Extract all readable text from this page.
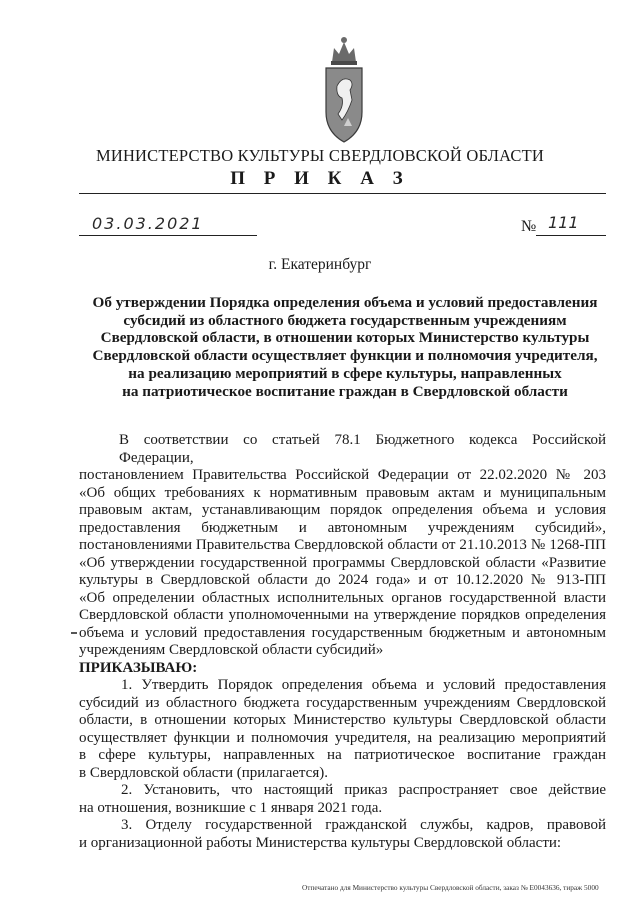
МИНИСТЕРСТВО КУЛЬТУРЫ СВЕРДЛОВСКОЙ ОБЛАСТИ
П Р И К А З
03.03.2021	№ 111
г. Екатеринбург
Об утверждении Порядка определения объема и условий предоставления
субсидий из областного бюджета государственным учреждениям
Свердловской области, в отношении которых Министерство культуры
Свердловской области осуществляет функции и полномочия учредителя,
на реализацию мероприятий в сфере культуры, направленных
на патриотическое воспитание граждан в Свердловской области
В соответствии со статьей 78.1 Бюджетного кодекса Российской Федерации,
постановлением Правительства Российской Федерации от 22.02.2020 № 203
«Об общих требованиях к нормативным правовым актам и муниципальным
правовым актам, устанавливающим порядок определения объема и условия
предоставления бюджетным и автономным учреждениям субсидий»,
постановлениями Правительства Свердловской области от 21.10.2013 № 1268-ПП
«Об утверждении государственной программы Свердловской области «Развитие
культуры в Свердловской области до 2024 года» и от 10.12.2020 № 913-ПП
«Об определении областных исполнительных органов государственной власти
Свердловской области уполномоченными на утверждение порядков определения
объема и условий предоставления государственным бюджетным и автономным
учреждениям Свердловской области субсидий»
ПРИКАЗЫВАЮ:
1. Утвердить Порядок определения объема и условий предоставления
субсидий из областного бюджета государственным учреждениям Свердловской
области, в отношении которых Министерство культуры Свердловской области
осуществляет функции и полномочия учредителя, на реализацию мероприятий
в сфере культуры, направленных на патриотическое воспитание граждан
в Свердловской области (прилагается).
2. Установить, что настоящий приказ распространяет свое действие
на отношения, возникшие с 1 января 2021 года.
3. Отделу государственной гражданской службы, кадров, правовой
и организационной работы Министерства культуры Свердловской области:
Отпечатано для Министерство культуры Свердловской области, заказ № Е0043636, тираж 5000
